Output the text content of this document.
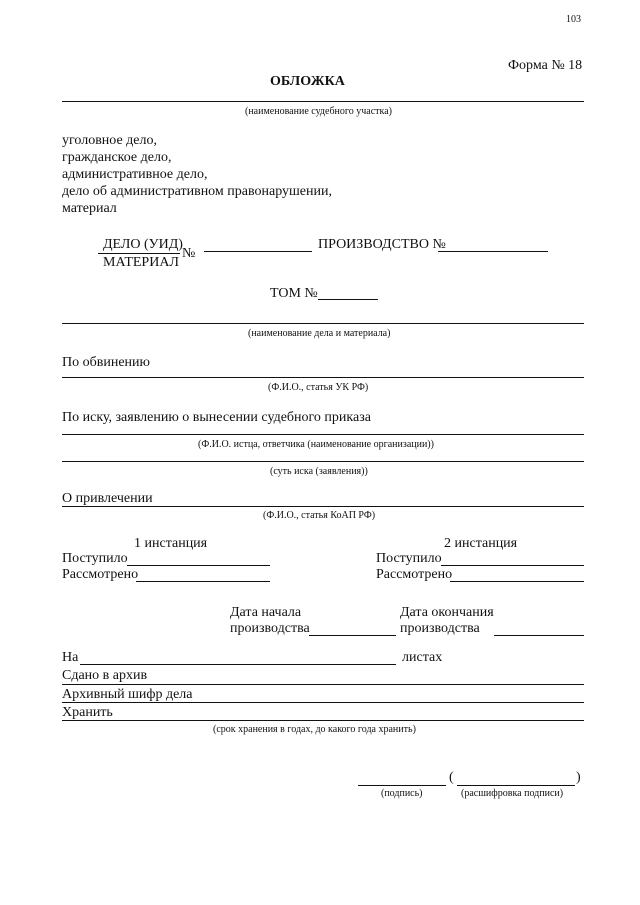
103
Форма № 18
ОБЛОЖКА
(наименование судебного участка)
уголовное дело,
гражданское дело,
административное дело,
дело об административном правонарушении,
материал
ДЕЛО (УИД)
МАТЕРИАЛ
№
ПРОИЗВОДСТВО №
ТОМ №
(наименование дела и материала)
По обвинению
(Ф.И.О., статья УК РФ)
По иску, заявлению о вынесении судебного приказа
(Ф.И.О. истца, ответчика (наименование организации))
(суть иска (заявления))
О привлечении
(Ф.И.О., статья КоАП РФ)
1 инстанция
Поступило
Рассмотрено
2 инстанция
Поступило
Рассмотрено
Дата начала
производства
Дата окончания
производства
На	листах
Сдано в архив
Архивный шифр дела
Хранить
(срок хранения в годах, до какого года хранить)
(	)
(подпись)	(расшифровка подписи)
